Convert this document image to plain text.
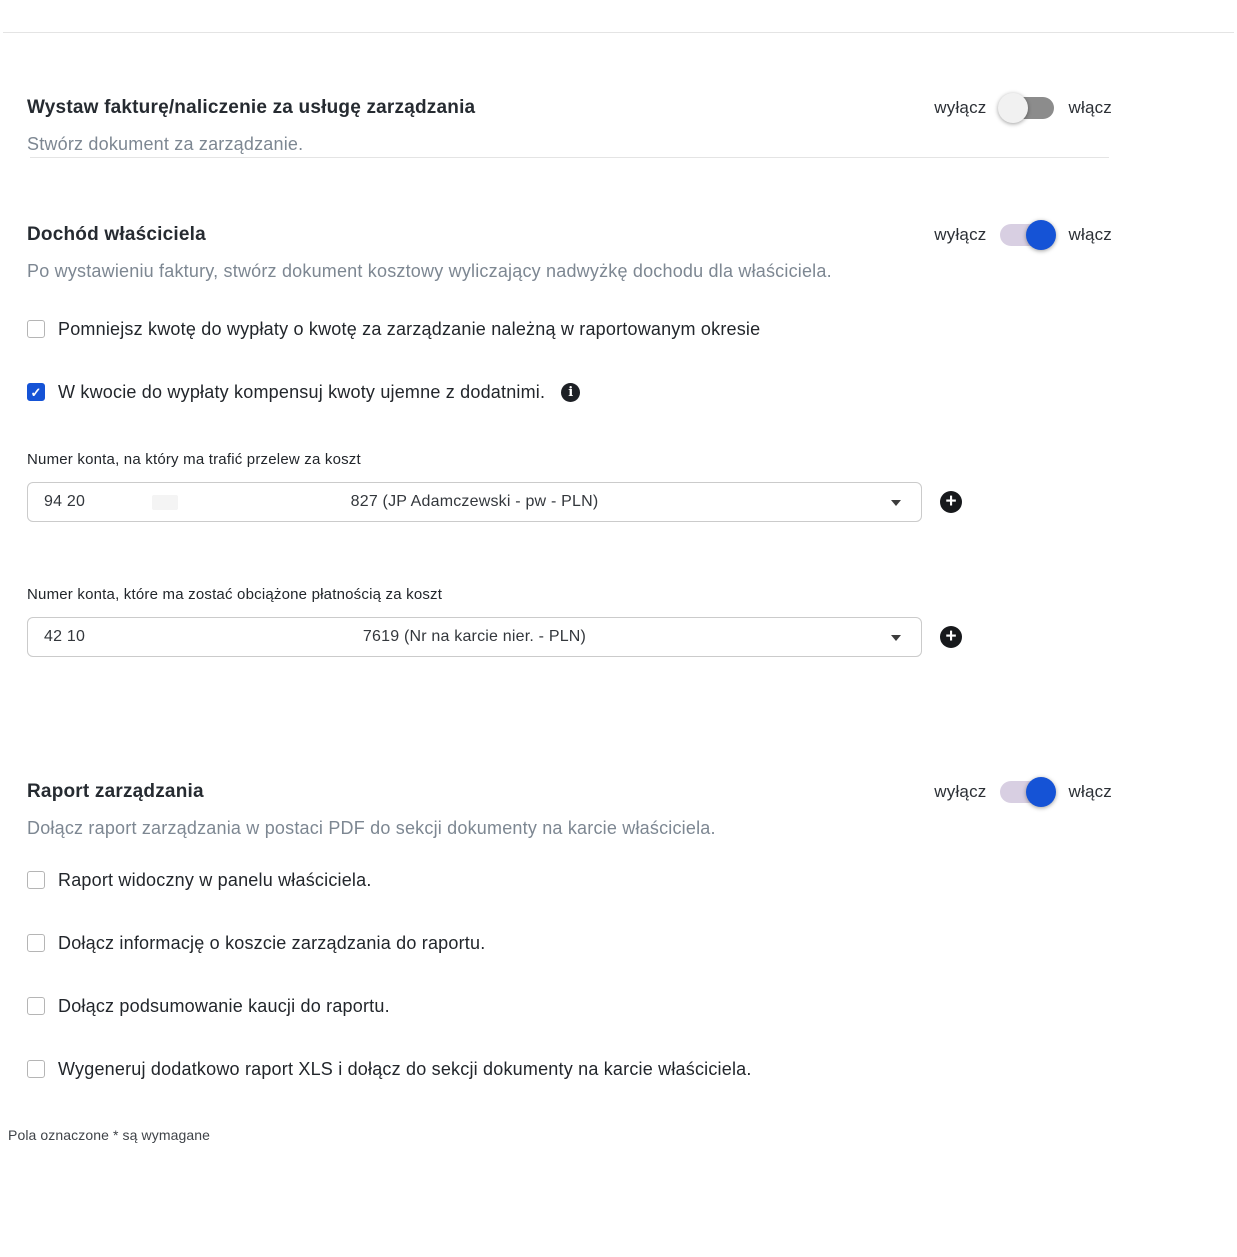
Wystaw fakturę/naliczenie za usługę zarządzania	wyłącz	włącz
Stwórz dokument za zarządzanie.
Dochód właściciela	wyłącz	włącz
Po wystawieniu faktury, stwórz dokument kosztowy wyliczający nadwyżkę dochodu dla właściciela.
Pomniejsz kwotę do wypłaty o kwotę za zarządzanie należną w raportowanym okresie
✓ W kwocie do wypłaty kompensuj kwoty ujemne z dodatnimi.	i
Numer konta, na który ma trafić przelew za koszt
94 20	827 (JP Adamczewski - pw - PLN)	+
Numer konta, które ma zostać obciążone płatnością za koszt
42 10	7619 (Nr na karcie nier. - PLN)	+
Raport zarządzania	wyłącz	włącz
Dołącz raport zarządzania w postaci PDF do sekcji dokumenty na karcie właściciela.
Raport widoczny w panelu właściciela.
Dołącz informację o koszcie zarządzania do raportu.
Dołącz podsumowanie kaucji do raportu.
Wygeneruj dodatkowo raport XLS i dołącz do sekcji dokumenty na karcie właściciela.
Pola oznaczone * są wymagane
